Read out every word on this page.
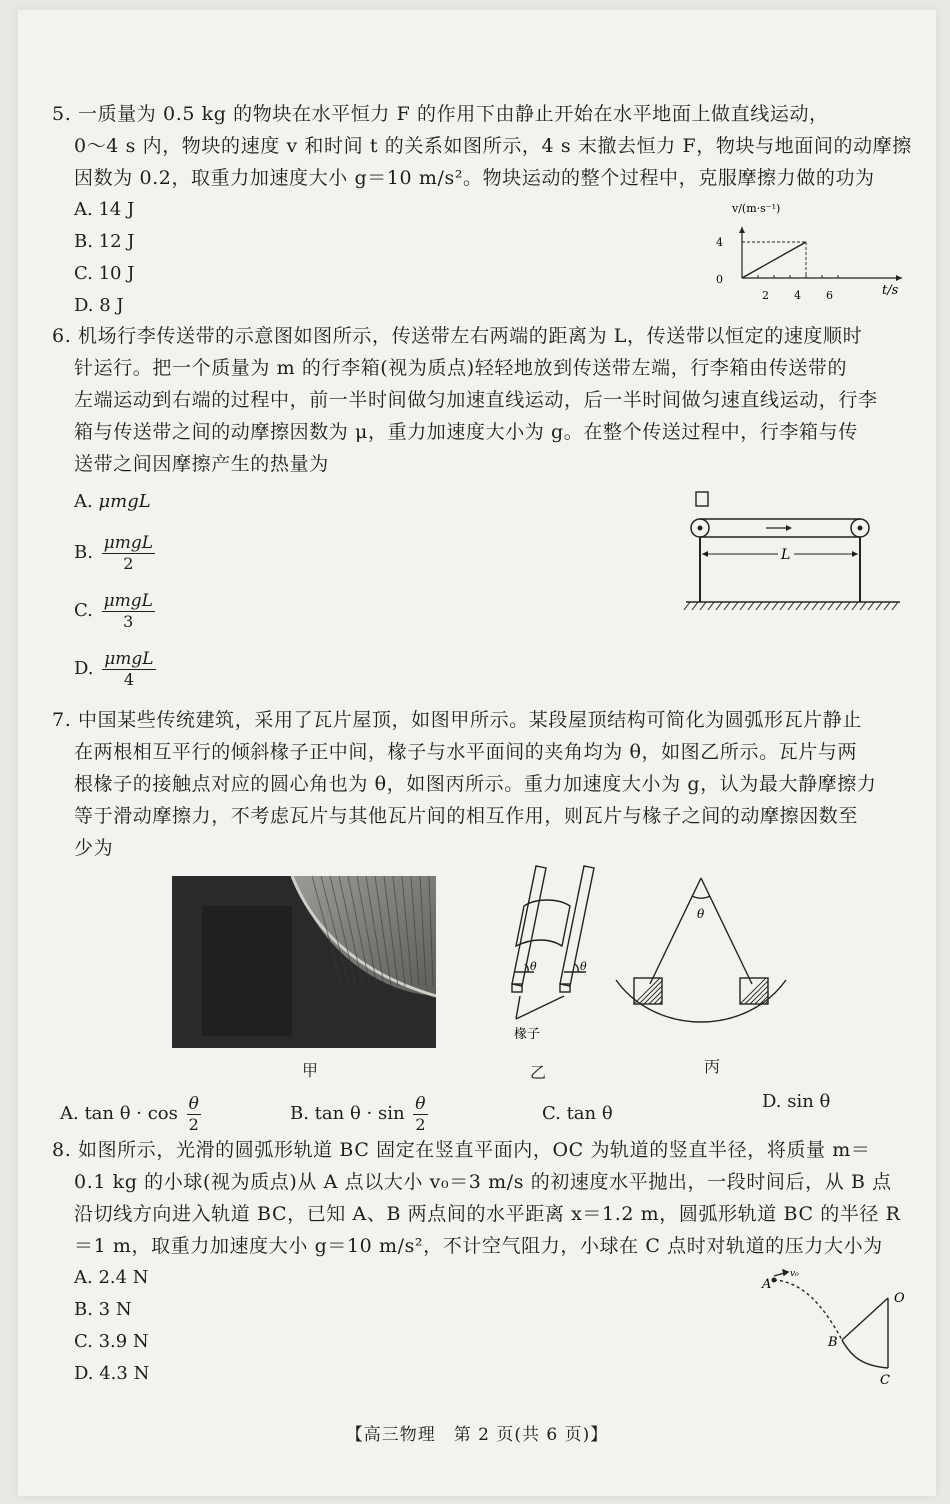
5. 一质量为 0.5 kg 的物块在水平恒力 F 的作用下由静止开始在水平地面上做直线运动，
0～4 s 内，物块的速度 v 和时间 t 的关系如图所示，4 s 末撤去恒力 F，物块与地面间的动摩擦
因数为 0.2，取重力加速度大小 g＝10 m/s²。物块运动的整个过程中，克服摩擦力做的功为
A. 14 J
B. 12 J
C. 10 J
D. 8 J
v/(m·s⁻¹)
t/s
4
0
2 4 6
6. 机场行李传送带的示意图如图所示，传送带左右两端的距离为 L，传送带以恒定的速度顺时
针运行。把一个质量为 m 的行李箱(视为质点)轻轻地放到传送带左端，行李箱由传送带的
左端运动到右端的过程中，前一半时间做匀加速直线运动，后一半时间做匀速直线运动，行李
箱与传送带之间的动摩擦因数为 μ，重力加速度大小为 g。在整个传送过程中，行李箱与传
送带之间因摩擦产生的热量为
A. μmgL
B. $\frac{\text{μmgL}}{2}$
C. $\frac{\text{μmgL}}{3}$
D. $\frac{\text{μmgL}}{4}$
L
7. 中国某些传统建筑，采用了瓦片屋顶，如图甲所示。某段屋顶结构可简化为圆弧形瓦片静止
在两根相互平行的倾斜椽子正中间，椽子与水平面间的夹角均为 θ，如图乙所示。瓦片与两
根椽子的接触点对应的圆心角也为 θ，如图丙所示。重力加速度大小为 g，认为最大静摩擦力
等于滑动摩擦力，不考虑瓦片与其他瓦片间的相互作用，则瓦片与椽子之间的动摩擦因数至
少为
甲
θ	θ
椽子
乙
θ
丙
A. $\tan \theta \cdot \cos \frac{\theta}{2}$	B. $\tan \theta \cdot \sin \frac{\theta}{2}$	C. tan θ
D. sin θ
8. 如图所示，光滑的圆弧形轨道 BC 固定在竖直平面内，OC 为轨道的竖直半径，将质量 m＝
0.1 kg 的小球(视为质点)从 A 点以大小 v₀＝3 m/s 的初速度水平抛出，一段时间后，从 B 点
沿切线方向进入轨道 BC，已知 A、B 两点间的水平距离 x＝1.2 m，圆弧形轨道 BC 的半径 R
＝1 m，取重力加速度大小 g＝10 m/s²，不计空气阻力，小球在 C 点时对轨道的压力大小为
A. 2.4 N
B. 3 N
C. 3.9 N
D. 4.3 N
A
v₀
B
O
C
【高三物理　第 2 页(共 6 页)】
